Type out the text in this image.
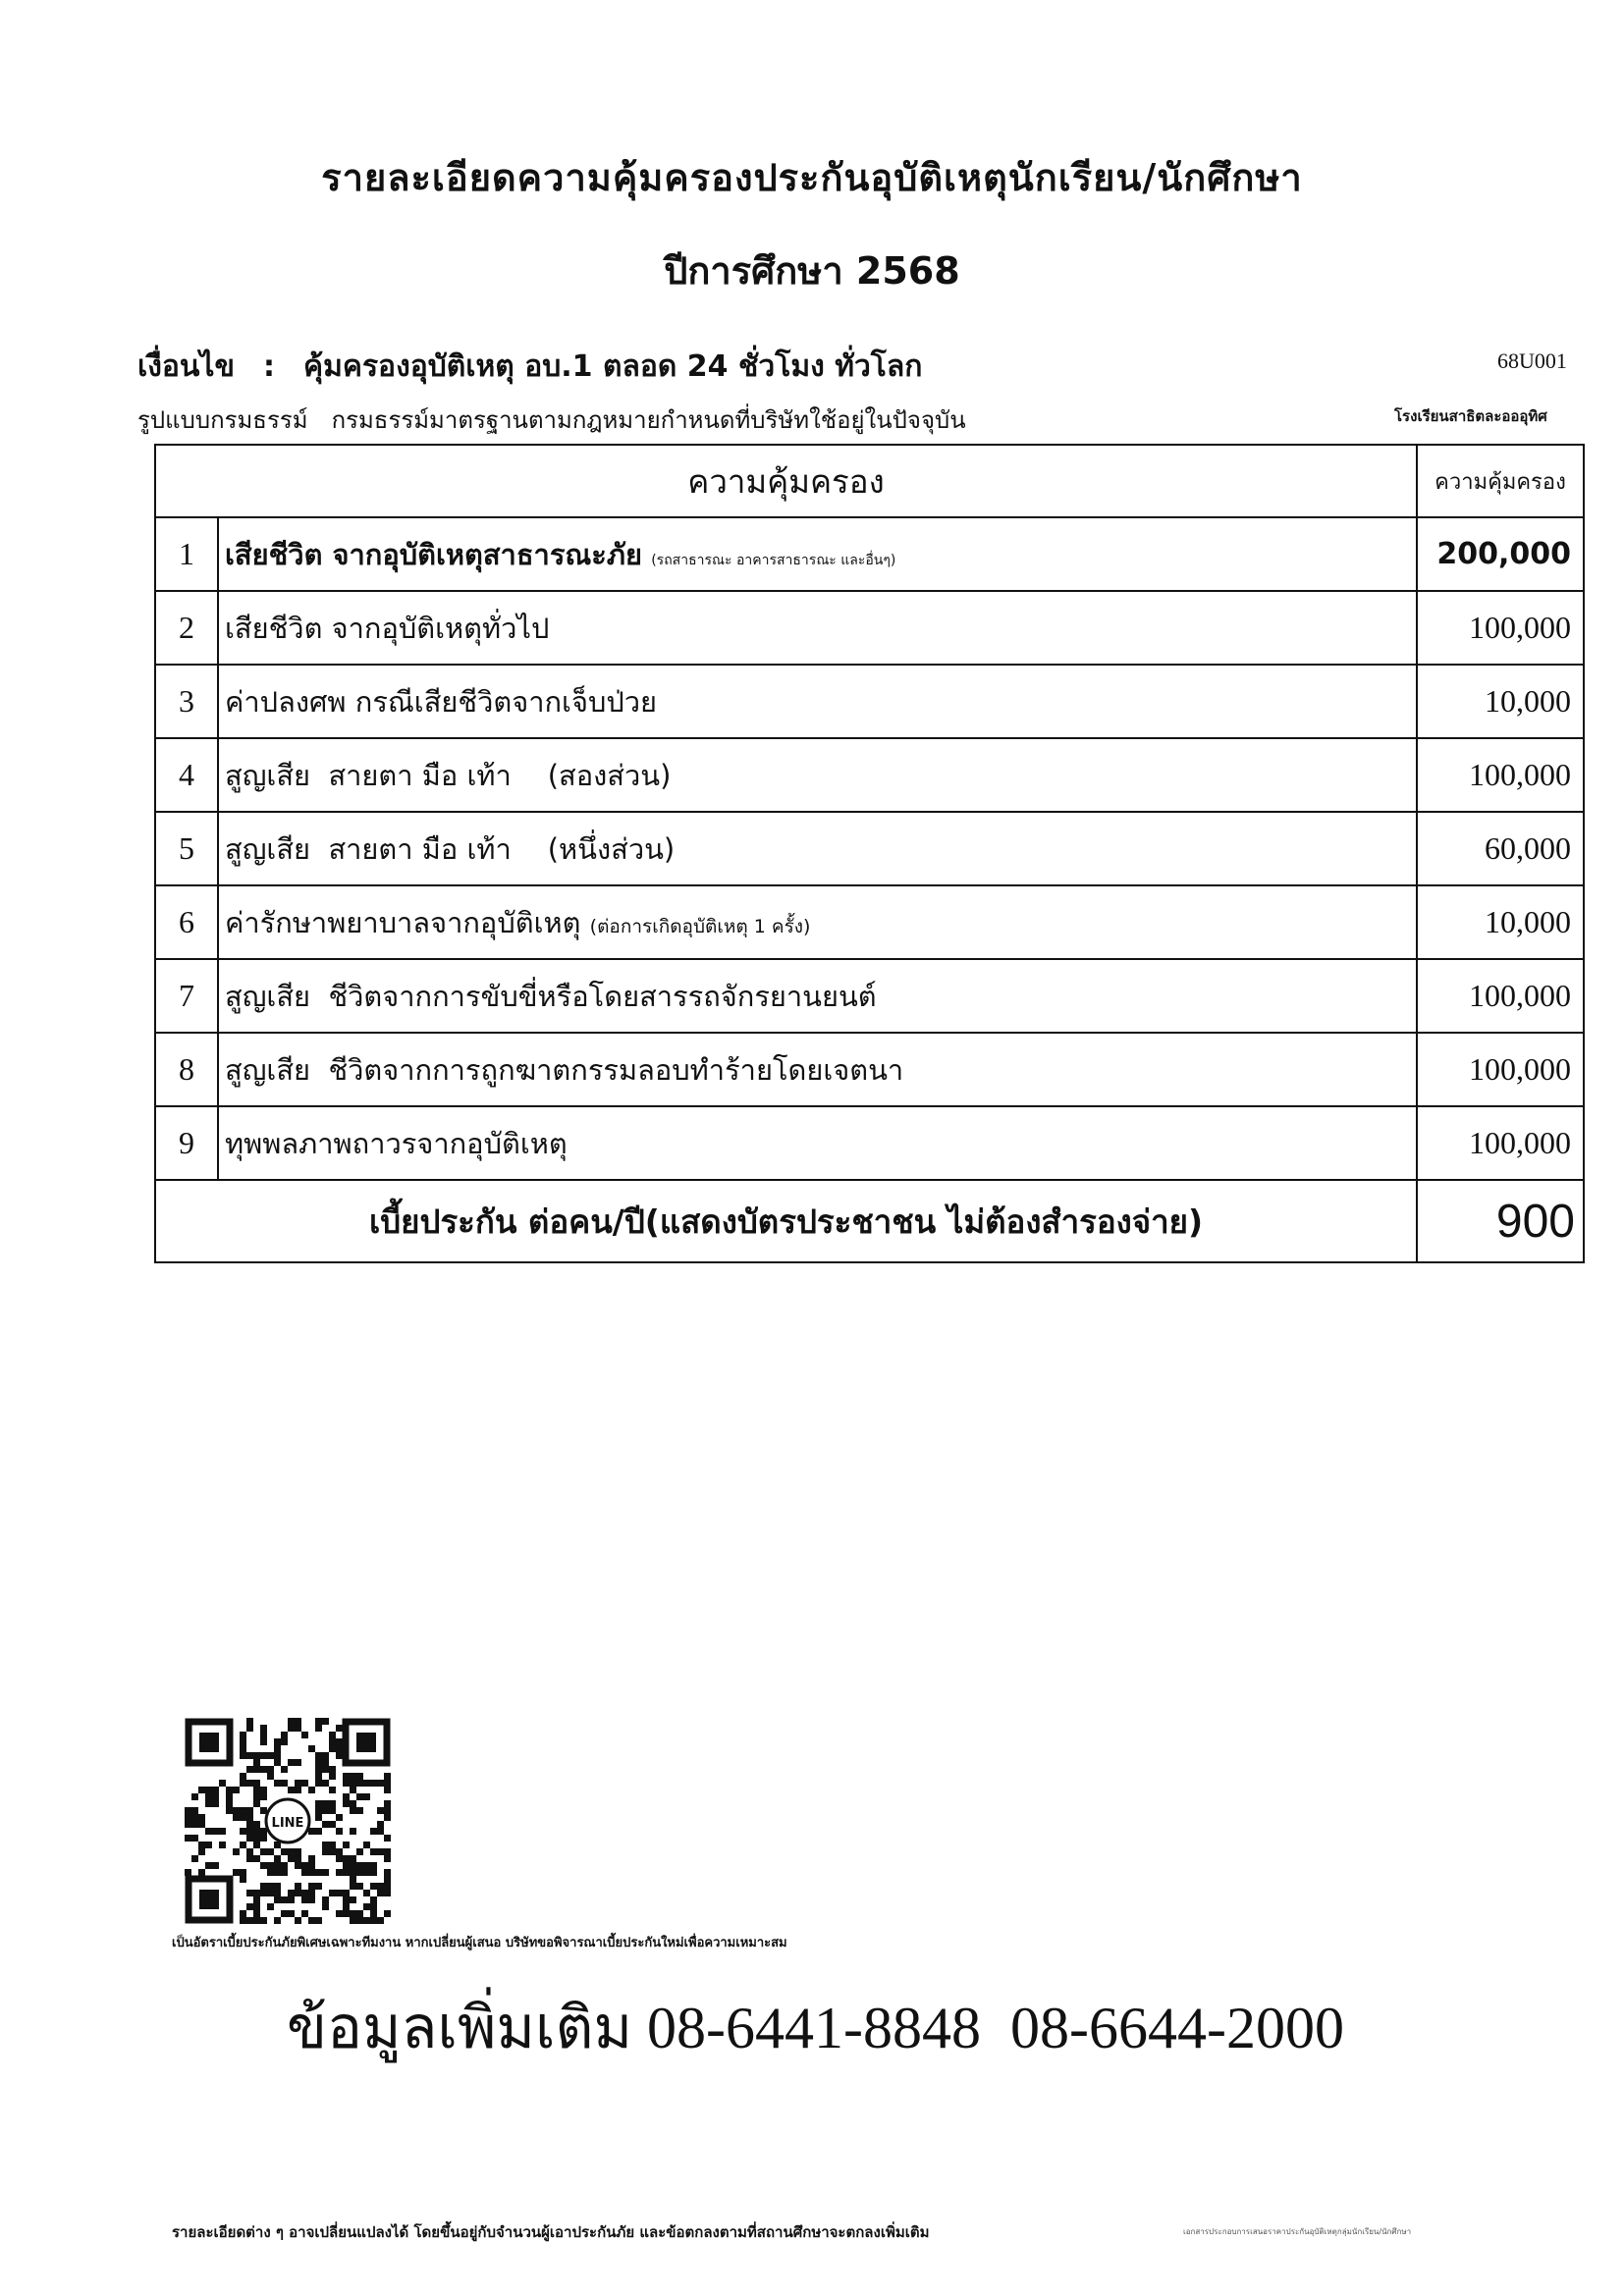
รายละเอียดความคุ้มครองประกันอุบัติเหตุนักเรียน/นักศึกษา
ปีการศึกษา 2568
เงื่อนไข : คุ้มครองอุบัติเหตุ อบ.1 ตลอด 24 ชั่วโมง ทั่วโลก	68U001
รูปแบบกรมธรรม์ กรมธรรม์มาตรฐานตามกฎหมายกำหนดที่บริษัทใช้อยู่ในปัจจุบัน	โรงเรียนสาธิตละอออุทิศ
ความคุ้มครอง		ความคุ้มครอง
1	เสียชีวิต จากอุบัติเหตุสาธารณะภัย (รถสาธารณะ อาคารสาธารณะ และอื่นๆ)	200,000
2	เสียชีวิต จากอุบัติเหตุทั่วไป	100,000
3	ค่าปลงศพ กรณีเสียชีวิตจากเจ็บป่วย	10,000
4	สูญเสีย  สายตา มือ เท้า    (สองส่วน)	100,000
5	สูญเสีย  สายตา มือ เท้า    (หนึ่งส่วน)	60,000
6	ค่ารักษาพยาบาลจากอุบัติเหตุ (ต่อการเกิดอุบัติเหตุ 1 ครั้ง)	10,000
7	สูญเสีย  ชีวิตจากการขับขี่หรือโดยสารรถจักรยานยนต์	100,000
8	สูญเสีย  ชีวิตจากการถูกฆาตกรรมลอบทำร้ายโดยเจตนา	100,000
9	ทุพพลภาพถาวรจากอุบัติเหตุ	100,000
เบี้ยประกัน ต่อคน/ปี(แสดงบัตรประชาชน ไม่ต้องสำรองจ่าย)		900
LINE
เป็นอัตราเบี้ยประกันภัยพิเศษเฉพาะทีมงาน หากเปลี่ยนผู้เสนอ บริษัทขอพิจารณาเบี้ยประกันใหม่เพื่อความเหมาะสม
ข้อมูลเพิ่มเติม 08-6441-8848 08-6644-2000
รายละเอียดต่าง ๆ อาจเปลี่ยนแปลงได้ โดยขึ้นอยู่กับจำนวนผู้เอาประกันภัย และข้อตกลงตามที่สถานศึกษาจะตกลงเพิ่มเติม	เอกสารประกอบการเสนอราคาประกันอุบัติเหตุกลุ่มนักเรียน/นักศึกษา
